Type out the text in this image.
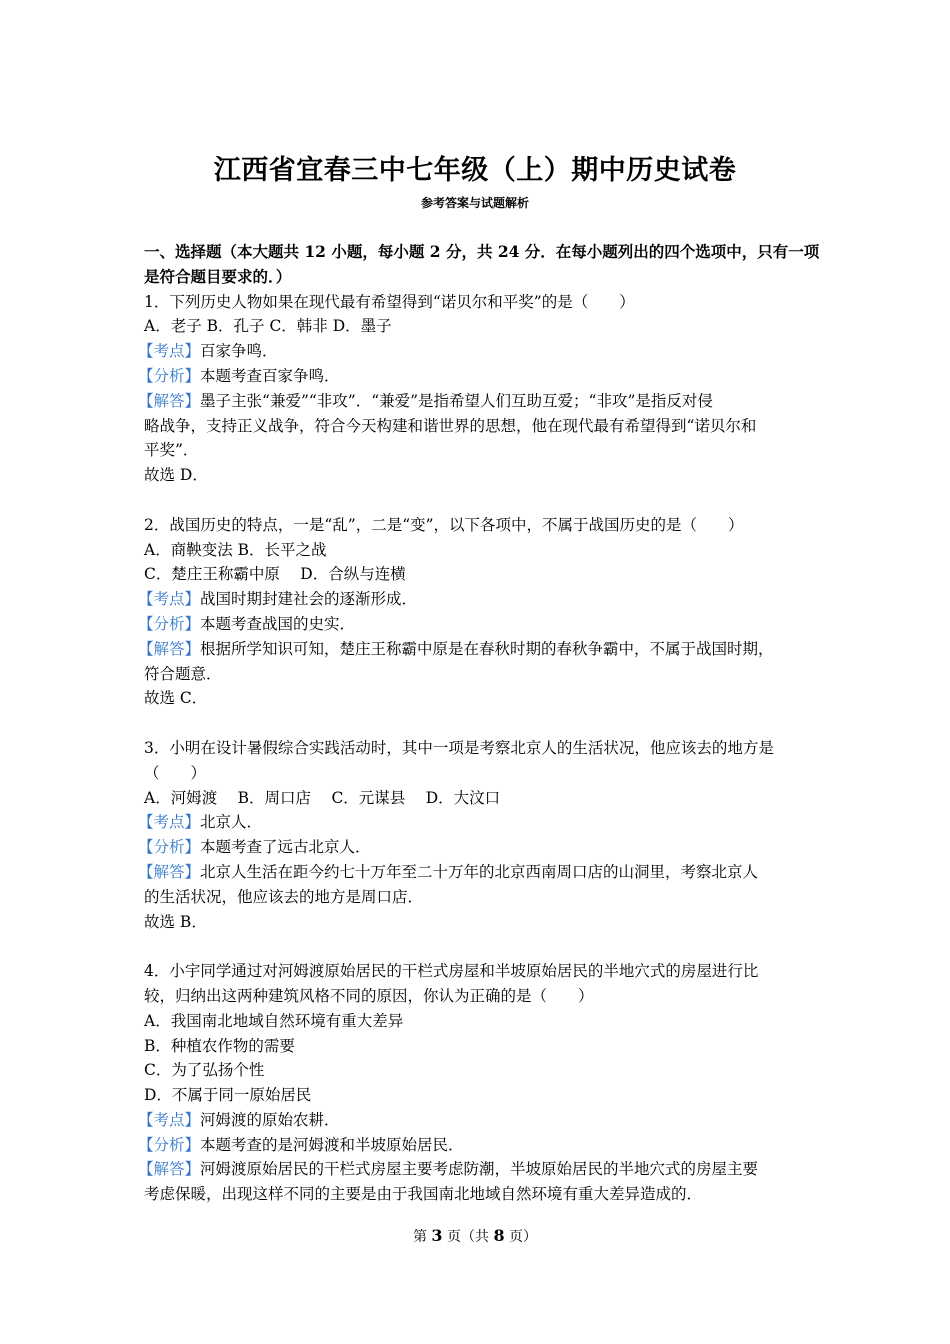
江西省宜春三中七年级（上）期中历史试卷
参考答案与试题解析
一、选择题（本大题共 12 小题，每小题 2 分，共 24 分．在每小题列出的四个选项中，只有一项
是符合题目要求的．）
1．下列历史人物如果在现代最有希望得到“诺贝尔和平奖”的是（　　）
A．老子 B．孔子 C．韩非 D．墨子
【考点】百家争鸣．
【分析】本题考查百家争鸣．
【解答】墨子主张“兼爱”“非攻”．“兼爱”是指希望人们互助互爱；“非攻”是指反对侵
略战争，支持正义战争，符合今天构建和谐世界的思想，他在现代最有希望得到“诺贝尔和
平奖”．
故选 D．
2．战国历史的特点，一是“乱”，二是“变”，以下各项中，不属于战国历史的是（　　）
A．商鞅变法 B．长平之战
C．楚庄王称霸中原　 D．合纵与连横
【考点】战国时期封建社会的逐渐形成．
【分析】本题考查战国的史实．
【解答】根据所学知识可知，楚庄王称霸中原是在春秋时期的春秋争霸中，不属于战国时期，
符合题意．
故选 C．
3．小明在设计暑假综合实践活动时，其中一项是考察北京人的生活状况，他应该去的地方是
（　　）
A．河姆渡　 B．周口店　 C．元谋县　 D．大汶口
【考点】北京人．
【分析】本题考查了远古北京人．
【解答】北京人生活在距今约七十万年至二十万年的北京西南周口店的山洞里，考察北京人
的生活状况，他应该去的地方是周口店．
故选 B．
4．小宇同学通过对河姆渡原始居民的干栏式房屋和半坡原始居民的半地穴式的房屋进行比
较，归纳出这两种建筑风格不同的原因，你认为正确的是（　　）
A．我国南北地域自然环境有重大差异
B．种植农作物的需要
C．为了弘扬个性
D．不属于同一原始居民
【考点】河姆渡的原始农耕．
【分析】本题考查的是河姆渡和半坡原始居民．
【解答】河姆渡原始居民的干栏式房屋主要考虑防潮，半坡原始居民的半地穴式的房屋主要
考虑保暖，出现这样不同的主要是由于我国南北地域自然环境有重大差异造成的．
第 3 页（共 8 页）
